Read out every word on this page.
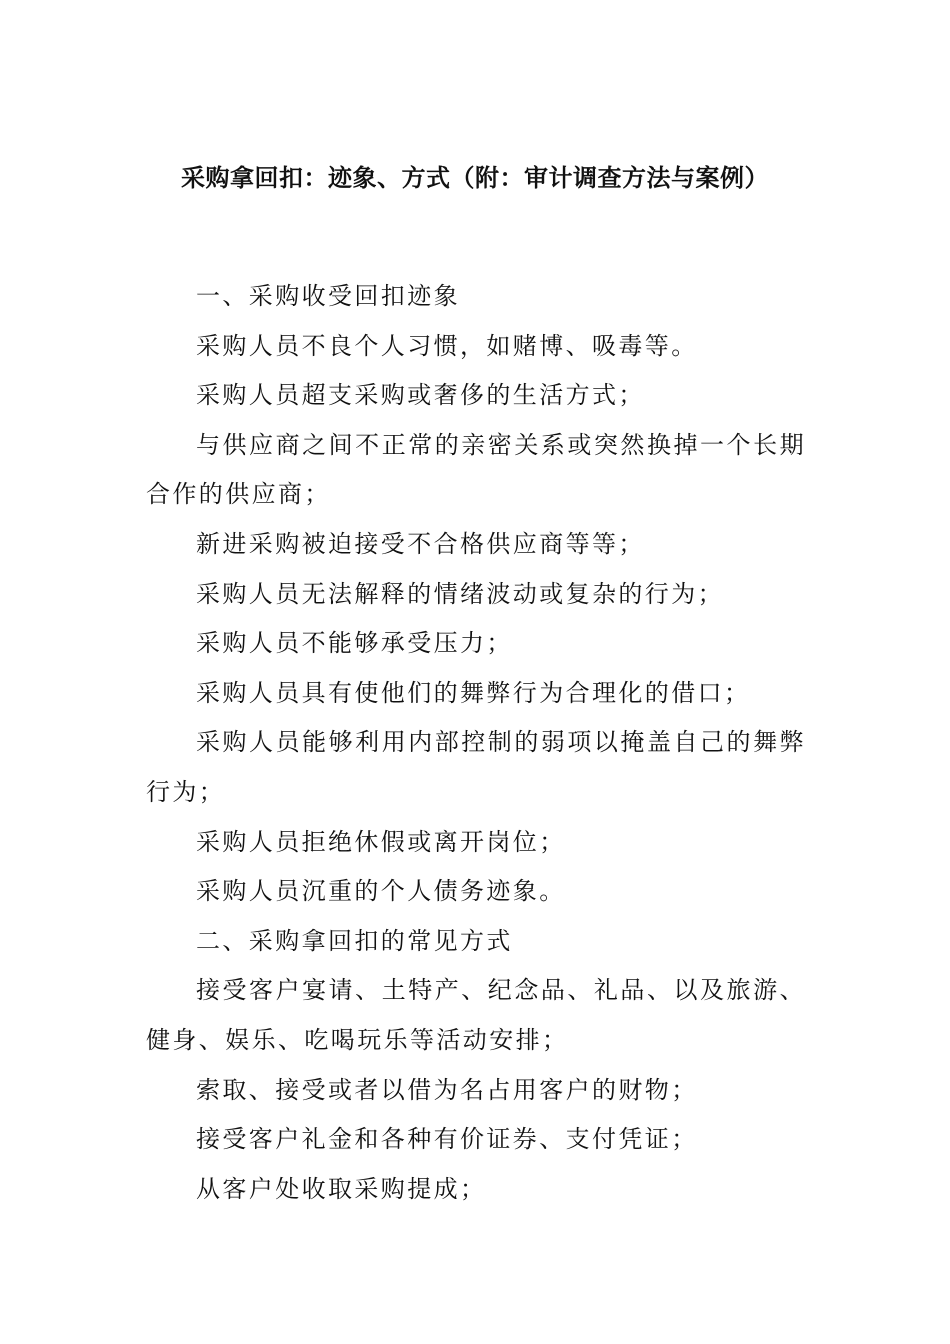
采购拿回扣：迹象、方式（附：审计调查方法与案例）

一、采购收受回扣迹象

采购人员不良个人习惯，如赌博、吸毒等。

采购人员超支采购或奢侈的生活方式；

与供应商之间不正常的亲密关系或突然换掉一个长期合作的供应商；

新进采购被迫接受不合格供应商等等；

采购人员无法解释的情绪波动或复杂的行为；

采购人员不能够承受压力；

采购人员具有使他们的舞弊行为合理化的借口；

采购人员能够利用内部控制的弱项以掩盖自己的舞弊行为；

采购人员拒绝休假或离开岗位；

采购人员沉重的个人债务迹象。

二、采购拿回扣的常见方式

接受客户宴请、土特产、纪念品、礼品、以及旅游、健身、娱乐、吃喝玩乐等活动安排；

索取、接受或者以借为名占用客户的财物；

接受客户礼金和各种有价证券、支付凭证；

从客户处收取采购提成；
